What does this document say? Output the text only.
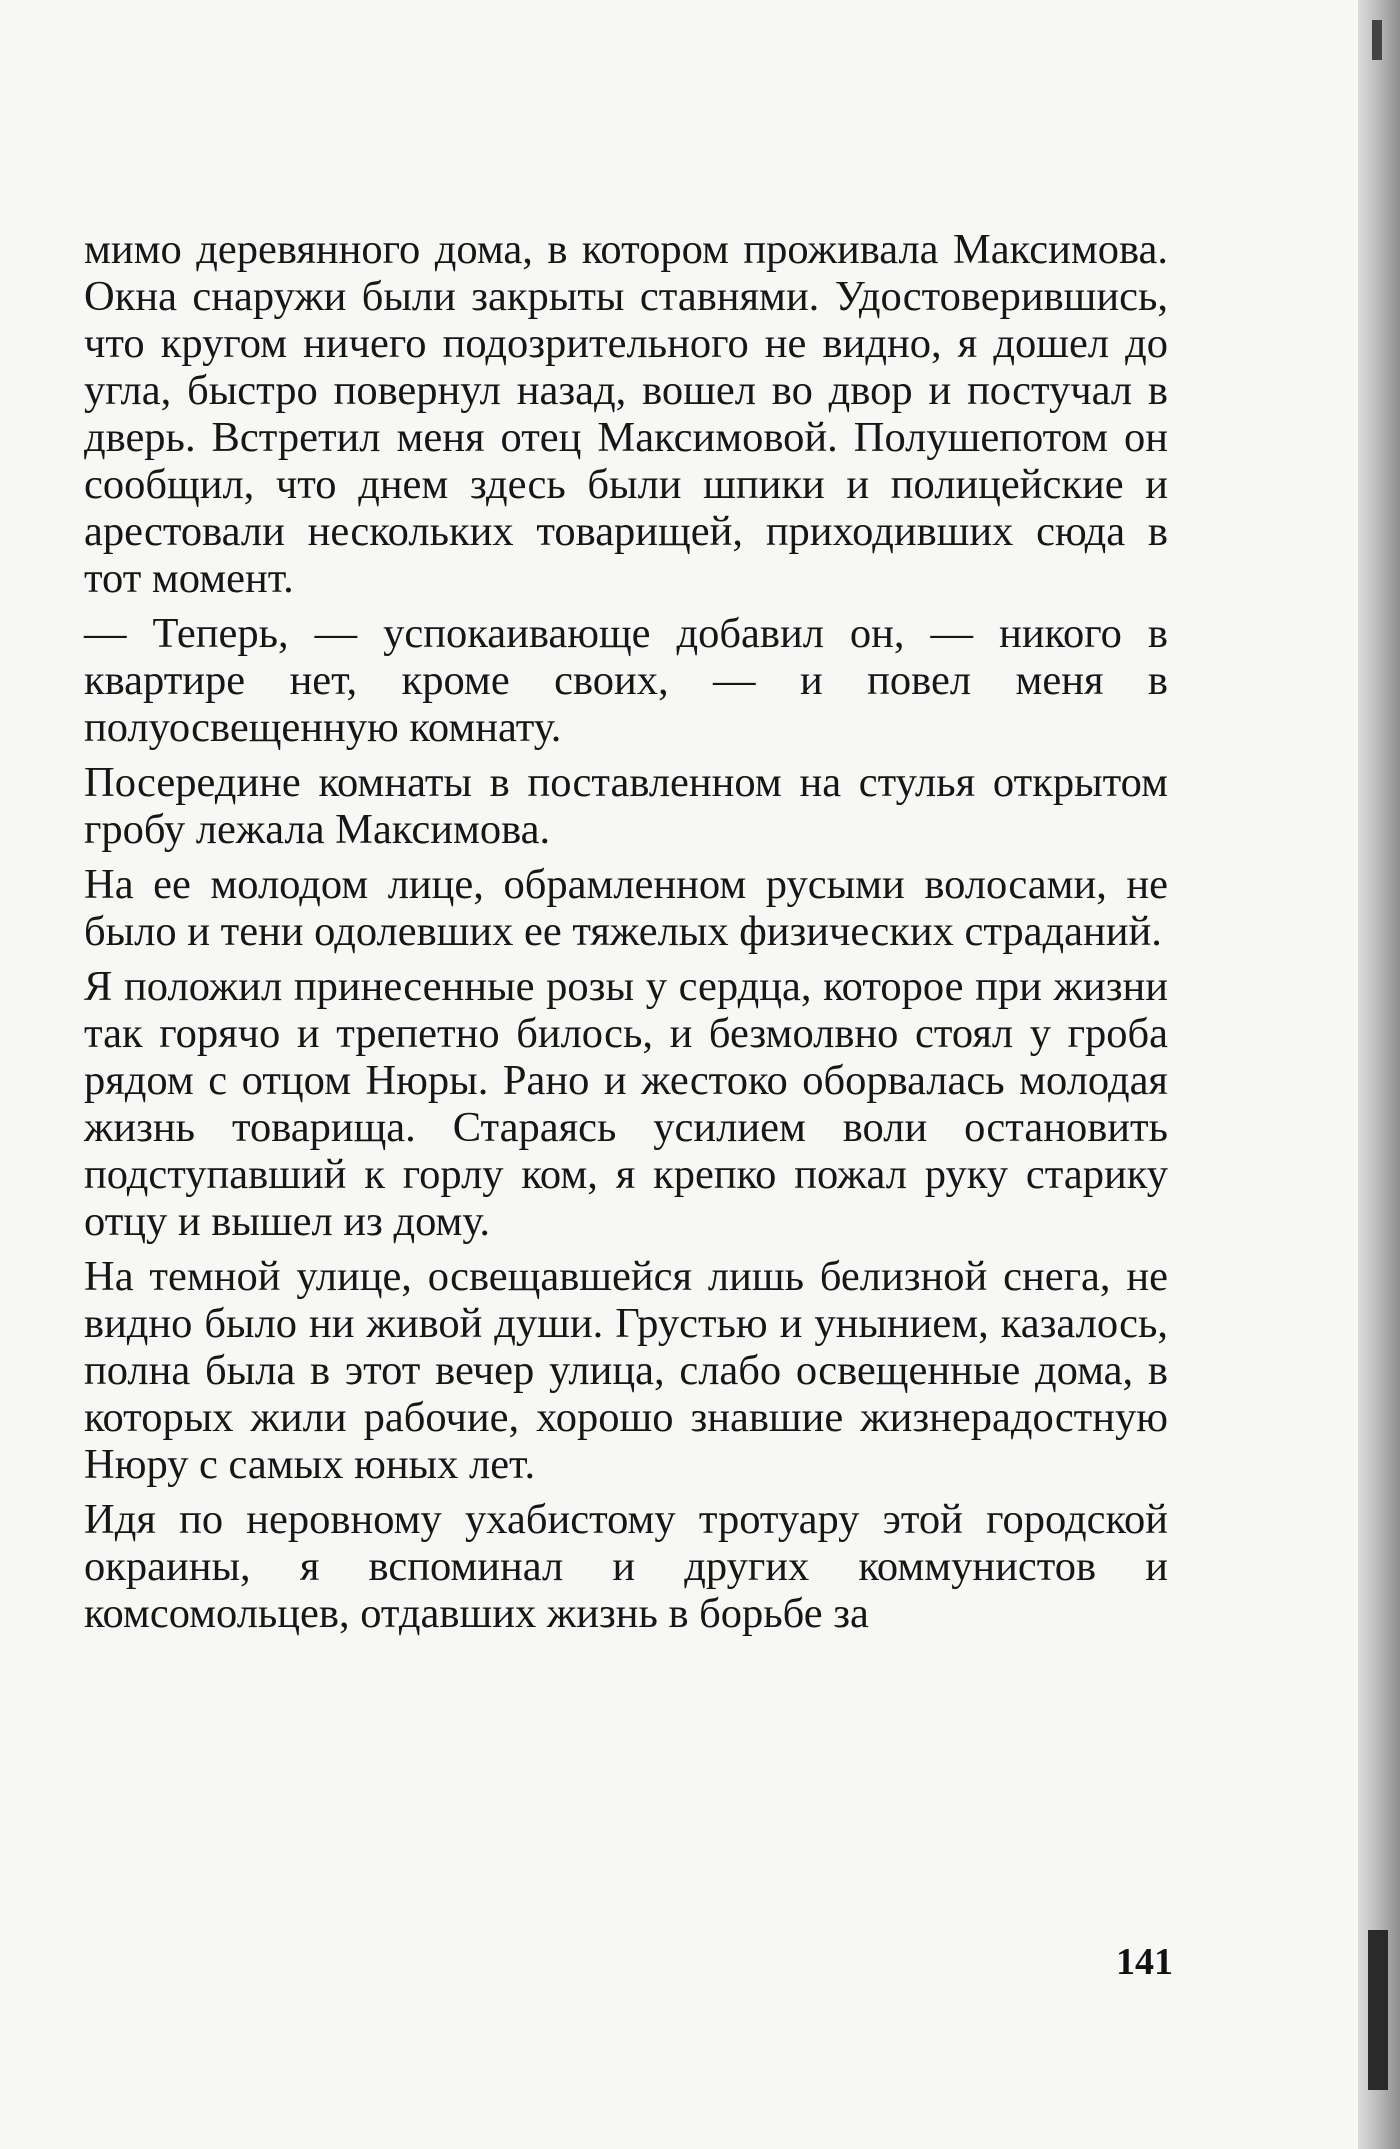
мимо деревянного дома, в котором проживала Максимова. Окна снаружи были закрыты ставнями. Удостоверившись, что кругом ничего подозрительного не видно, я дошел до угла, быстро повернул назад, вошел во двор и постучал в дверь. Встретил меня отец Максимовой. Полушепотом он сообщил, что днем здесь были шпики и полицейские и арестовали нескольких товарищей, приходивших сюда в тот момент.

— Теперь, — успокаивающе добавил он, — никого в квартире нет, кроме своих, — и повел меня в полуосвещенную комнату.

Посередине комнаты в поставленном на стулья открытом гробу лежала Максимова.

На ее молодом лице, обрамленном русыми волосами, не было и тени одолевших ее тяжелых физических страданий.

Я положил принесенные розы у сердца, которое при жизни так горячо и трепетно билось, и безмолвно стоял у гроба рядом с отцом Нюры. Рано и жестоко оборвалась молодая жизнь товарища. Стараясь усилием воли остановить подступавший к горлу ком, я крепко пожал руку старику отцу и вышел из дому.

На темной улице, освещавшейся лишь белизной снега, не видно было ни живой души. Грустью и унынием, казалось, полна была в этот вечер улица, слабо освещенные дома, в которых жили рабочие, хорошо знавшие жизнерадостную Нюру с самых юных лет.

Идя по неровному ухабистому тротуару этой городской окраины, я вспоминал и других коммунистов и комсомольцев, отдавших жизнь в борьбе за

141
